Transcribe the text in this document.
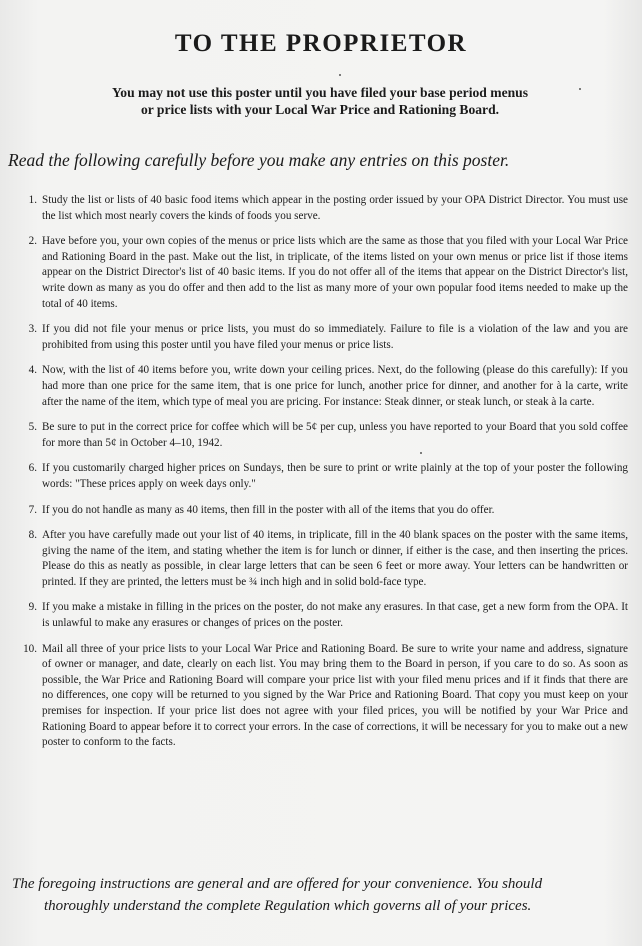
TO THE PROPRIETOR

You may not use this poster until you have filed your base period menus
or price lists with your Local War Price and Rationing Board.

Read the following carefully before you make any entries on this poster.

1. Study the list or lists of 40 basic food items which appear in the posting order issued by your OPA District Director. You must use the list which most nearly covers the kinds of foods you serve.
2. Have before you, your own copies of the menus or price lists which are the same as those that you filed with your Local War Price and Rationing Board in the past. Make out the list, in triplicate, of the items listed on your own menus or price list if those items appear on the District Director's list of 40 basic items. If you do not offer all of the items that appear on the District Director's list, write down as many as you do offer and then add to the list as many more of your own popular food items needed to make up the total of 40 items.
3. If you did not file your menus or price lists, you must do so immediately. Failure to file is a violation of the law and you are prohibited from using this poster until you have filed your menus or price lists.
4. Now, with the list of 40 items before you, write down your ceiling prices. Next, do the following (please do this carefully): If you had more than one price for the same item, that is one price for lunch, another price for dinner, and another for à la carte, write after the name of the item, which type of meal you are pricing. For instance: Steak dinner, or steak lunch, or steak à la carte.
5. Be sure to put in the correct price for coffee which will be 5¢ per cup, unless you have reported to your Board that you sold coffee for more than 5¢ in October 4–10, 1942.
6. If you customarily charged higher prices on Sundays, then be sure to print or write plainly at the top of your poster the following words: "These prices apply on week days only."
7. If you do not handle as many as 40 items, then fill in the poster with all of the items that you do offer.
8. After you have carefully made out your list of 40 items, in triplicate, fill in the 40 blank spaces on the poster with the same items, giving the name of the item, and stating whether the item is for lunch or dinner, if either is the case, and then inserting the prices. Please do this as neatly as possible, in clear large letters that can be seen 6 feet or more away. Your letters can be handwritten or printed. If they are printed, the letters must be ¾ inch high and in solid bold-face type.
9. If you make a mistake in filling in the prices on the poster, do not make any erasures. In that case, get a new form from the OPA. It is unlawful to make any erasures or changes of prices on the poster.
10. Mail all three of your price lists to your Local War Price and Rationing Board. Be sure to write your name and address, signature of owner or manager, and date, clearly on each list. You may bring them to the Board in person, if you care to do so. As soon as possible, the War Price and Rationing Board will compare your price list with your filed menu prices and if it finds that there are no differences, one copy will be returned to you signed by the War Price and Rationing Board. That copy you must keep on your premises for inspection. If your price list does not agree with your filed prices, you will be notified by your War Price and Rationing Board to appear before it to correct your errors. In the case of corrections, it will be necessary for you to make out a new poster to conform to the facts.

The foregoing instructions are general and are offered for your convenience. You should
thoroughly understand the complete Regulation which governs all of your prices.
